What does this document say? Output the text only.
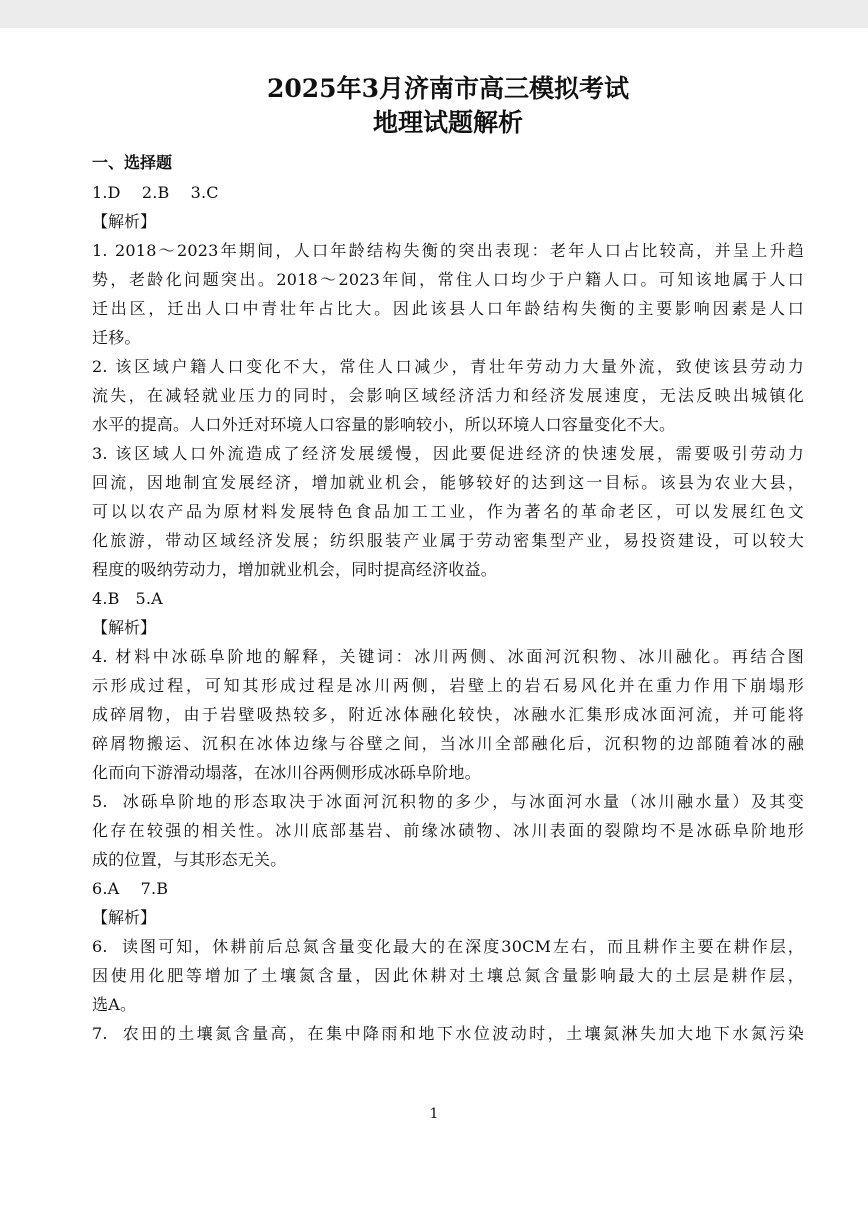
2025年3月济南市高三模拟考试
地理试题解析

一、选择题

1.D    2.B    3.C

【解析】

1. 2018～2023年期间，人口年龄结构失衡的突出表现：老年人口占比较高，并呈上升趋

势，老龄化问题突出。2018～2023年间，常住人口均少于户籍人口。可知该地属于人口

迁出区，迁出人口中青壮年占比大。因此该县人口年龄结构失衡的主要影响因素是人口

迁移。

2. 该区域户籍人口变化不大，常住人口减少，青壮年劳动力大量外流，致使该县劳动力

流失，在减轻就业压力的同时，会影响区域经济活力和经济发展速度，无法反映出城镇化

水平的提高。人口外迁对环境人口容量的影响较小，所以环境人口容量变化不大。

3. 该区域人口外流造成了经济发展缓慢，因此要促进经济的快速发展，需要吸引劳动力

回流，因地制宜发展经济，增加就业机会，能够较好的达到这一目标。该县为农业大县，

可以以农产品为原材料发展特色食品加工工业，作为著名的革命老区，可以发展红色文

化旅游，带动区域经济发展；纺织服装产业属于劳动密集型产业，易投资建设，可以较大

程度的吸纳劳动力，增加就业机会，同时提高经济收益。

4.B   5.A

【解析】

4. 材料中冰砾阜阶地的解释，关键词：冰川两侧、冰面河沉积物、冰川融化。再结合图

示形成过程，可知其形成过程是冰川两侧，岩壁上的岩石易风化并在重力作用下崩塌形

成碎屑物，由于岩壁吸热较多，附近冰体融化较快，冰融水汇集形成冰面河流，并可能将

碎屑物搬运、沉积在冰体边缘与谷壁之间，当冰川全部融化后，沉积物的边部随着冰的融

化而向下游滑动塌落，在冰川谷两侧形成冰砾阜阶地。

5.  冰砾阜阶地的形态取决于冰面河沉积物的多少，与冰面河水量（冰川融水量）及其变

化存在较强的相关性。冰川底部基岩、前缘冰碛物、冰川表面的裂隙均不是冰砾阜阶地形

成的位置，与其形态无关。

6.A    7.B

【解析】

6.  读图可知，休耕前后总氮含量变化最大的在深度30CM左右，而且耕作主要在耕作层，

因使用化肥等增加了土壤氮含量，因此休耕对土壤总氮含量影响最大的土层是耕作层，

选A。

7.  农田的土壤氮含量高，在集中降雨和地下水位波动时，土壤氮淋失加大地下水氮污染

1
